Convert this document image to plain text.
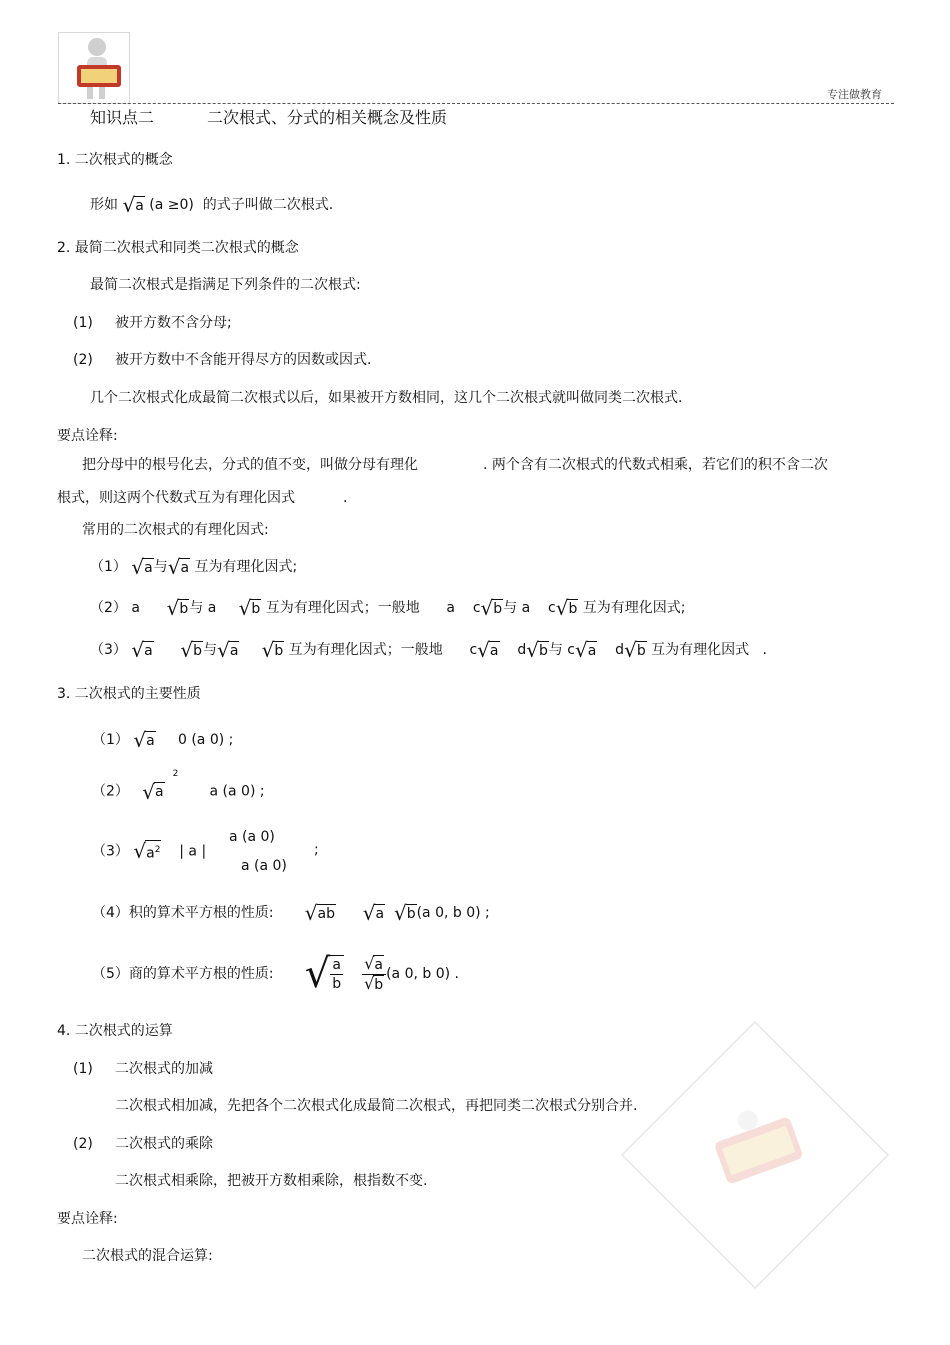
专注做教育
知识点二	二次根式、分式的相关概念及性质
1. 二次根式的概念
形如 √a (a ≥0) 的式子叫做二次根式.
2. 最简二次根式和同类二次根式的概念
最简二次根式是指满足下列条件的二次根式:
(1) 被开方数不含分母;
(2) 被开方数中不含能开得尽方的因数或因式.
几个二次根式化成最简二次根式以后，如果被开方数相同，这几个二次根式就叫做同类二次根式.
要点诠释:
把分母中的根号化去，分式的值不变，叫做分母有理化	. 两个含有二次根式的代数式相乘，若它们的积不含二次
根式，则这两个代数式互为有理化因式	.
常用的二次根式的有理化因式:
（1） √a与√a 互为有理化因式;
（2） a √b与 a √b 互为有理化因式；一般地 a c√b与 a c√b 互为有理化因式;
（3） √a √b与√a √b 互为有理化因式；一般地 c√a d√b与 c√a d√b 互为有理化因式 .
3. 二次根式的主要性质
（1） √a 0 (a 0) ;
（2） $√a^2$       a (a 0) ;
（3） $√a^2$ | a |
a (a 0)
a (a 0)
;
（4）积的算术平方根的性质: √ab √a √b(a 0, b 0) ;
（5）商的算术平方根的性质: √ $\frac{a}{b}$
$\frac{√a}{√b} (a$ 0, b 0) .
4. 二次根式的运算
(1) 二次根式的加减
二次根式相加减，先把各个二次根式化成最简二次根式，再把同类二次根式分别合并.
(2) 二次根式的乘除
二次根式相乘除，把被开方数相乘除，根指数不变.
要点诠释:
二次根式的混合运算:
